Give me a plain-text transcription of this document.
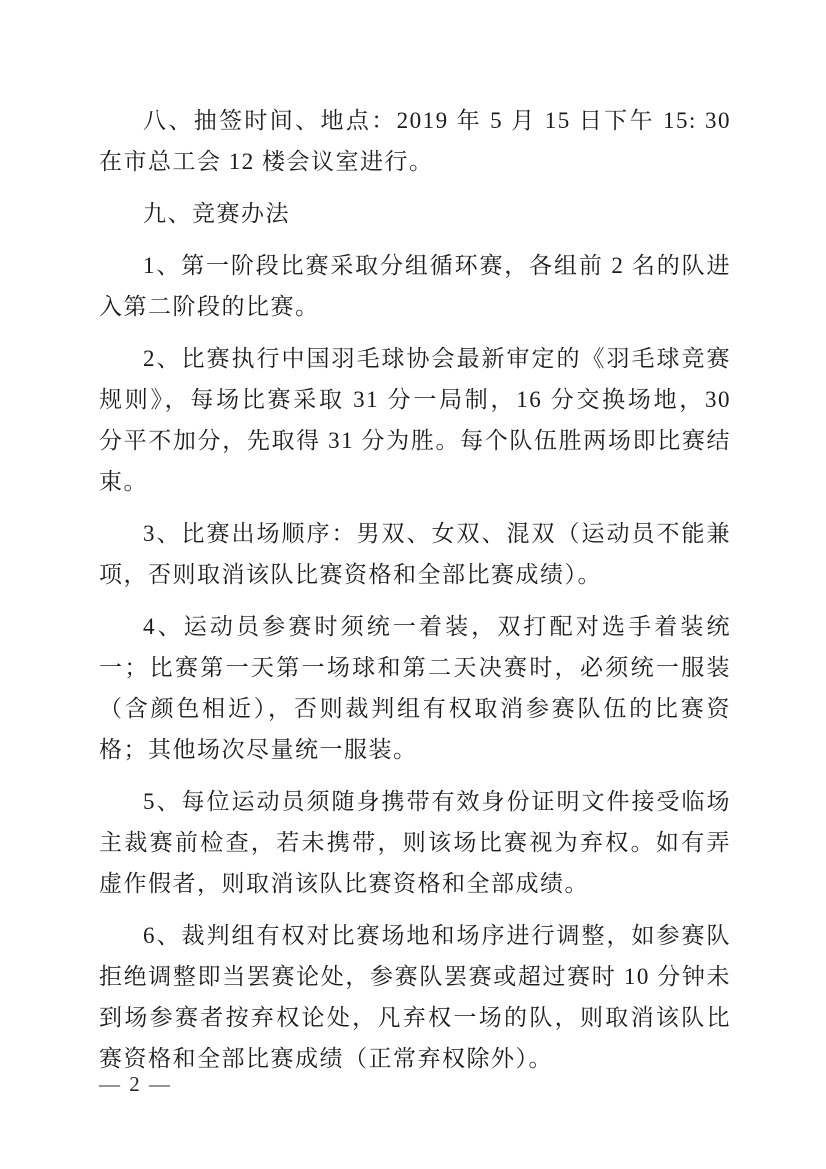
八、抽签时间、地点：2019 年 5 月 15 日下午 15: 30 在市总工会 12 楼会议室进行。

九、竞赛办法

1、第一阶段比赛采取分组循环赛，各组前 2 名的队进入第二阶段的比赛。

2、比赛执行中国羽毛球协会最新审定的《羽毛球竞赛规则》，每场比赛采取 31 分一局制，16 分交换场地，30 分平不加分，先取得 31 分为胜。每个队伍胜两场即比赛结束。

3、比赛出场顺序：男双、女双、混双（运动员不能兼项，否则取消该队比赛资格和全部比赛成绩）。

4、运动员参赛时须统一着装，双打配对选手着装统一；比赛第一天第一场球和第二天决赛时，必须统一服装（含颜色相近），否则裁判组有权取消参赛队伍的比赛资格；其他场次尽量统一服装。

5、每位运动员须随身携带有效身份证明文件接受临场主裁赛前检查，若未携带，则该场比赛视为弃权。如有弄虚作假者，则取消该队比赛资格和全部成绩。

6、裁判组有权对比赛场地和场序进行调整，如参赛队拒绝调整即当罢赛论处，参赛队罢赛或超过赛时 10 分钟未到场参赛者按弃权论处，凡弃权一场的队，则取消该队比赛资格和全部比赛成绩（正常弃权除外）。

— 2 —
